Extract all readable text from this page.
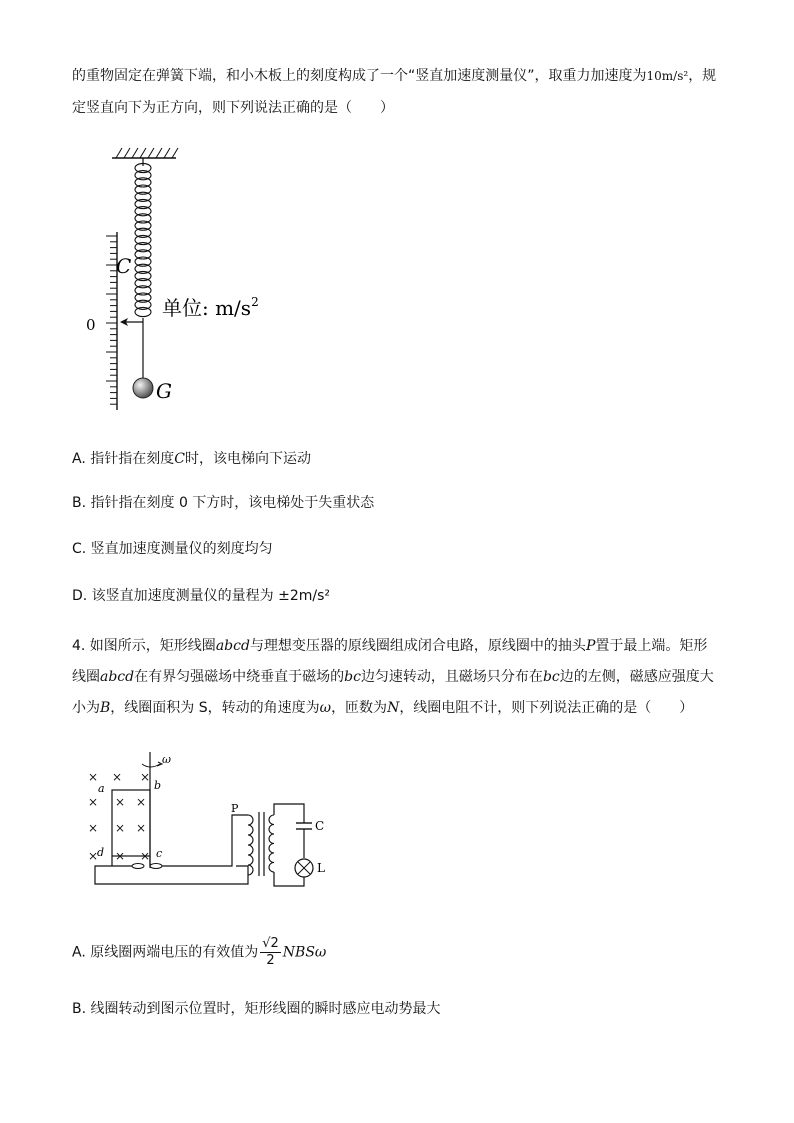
的重物固定在弹簧下端，和小木板上的刻度构成了一个“竖直加速度测量仪”，取重力加速度为10m/s²，规
定竖直向下为正方向，则下列说法正确的是（　　）
C
0
单位: $m/s^2$
G
A. 指针指在刻度C时，该电梯向下运动
B. 指针指在刻度 0 下方时，该电梯处于失重状态
C. 竖直加速度测量仪的刻度均匀
D. 该竖直加速度测量仪的量程为 ±2m/s²
4. 如图所示，矩形线圈abcd与理想变压器的原线圈组成闭合电路，原线圈中的抽头P置于最上端。矩形
线圈abcd在有界匀强磁场中绕垂直于磁场的bc边匀速转动，且磁场只分布在bc边的左侧，磁感应强度大
小为B，线圈面积为 S，转动的角速度为ω，匝数为N，线圈电阻不计，则下列说法正确的是（　　）
× × ×
× × ×
× × ×
× × ×
ω
a	b
c
d
P
C
L
A. 原线圈两端电压的有效值为 $\frac{√2}{2}$ NBSω
B. 线圈转动到图示位置时，矩形线圈的瞬时感应电动势最大
